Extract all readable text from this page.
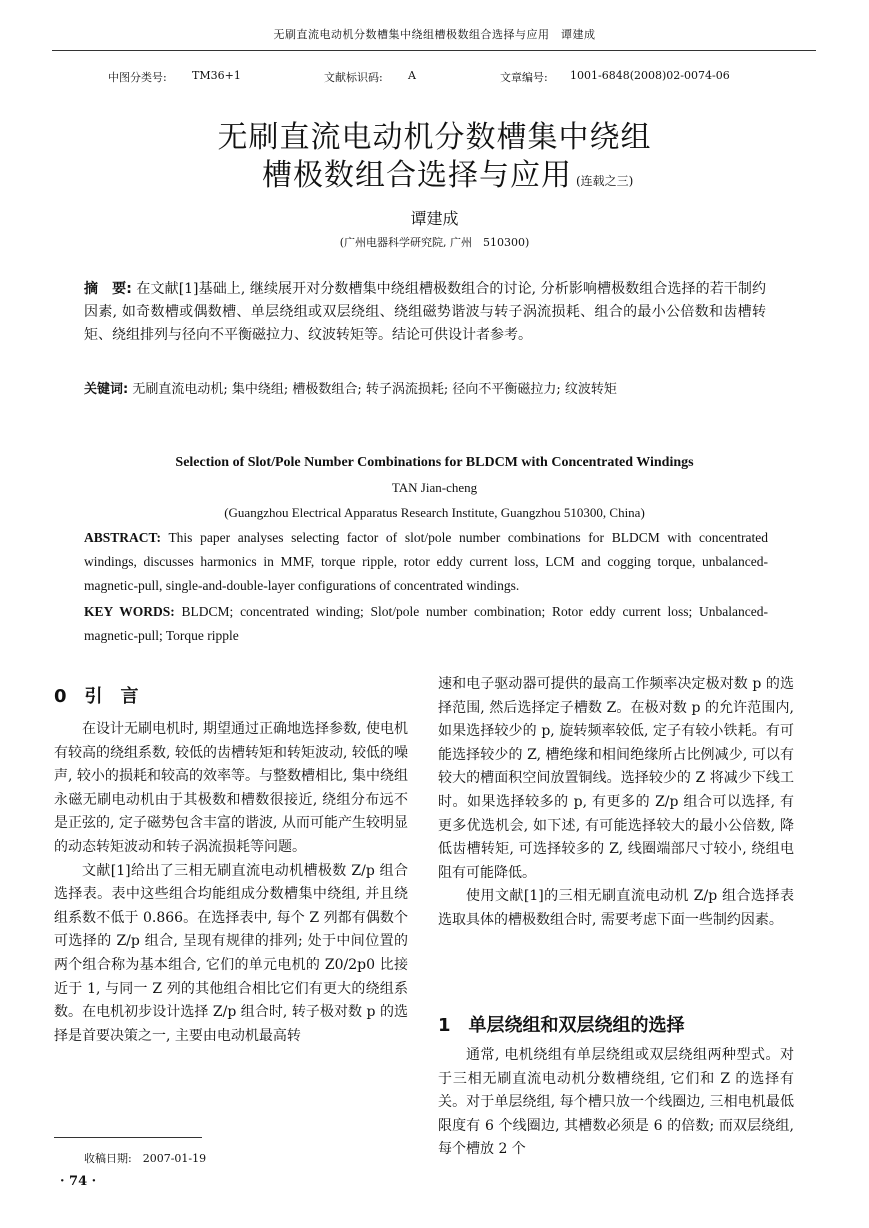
无刷直流电动机分数槽集中绕组槽极数组合选择与应用　谭建成
中图分类号: TM36+1	文献标识码: A	文章编号: 1001-6848(2008)02-0074-06
无刷直流电动机分数槽集中绕组
槽极数组合选择与应用 (连载之三)
谭建成
(广州电器科学研究院, 广州　510300)
摘　要: 在文献[1]基础上, 继续展开对分数槽集中绕组槽极数组合的讨论, 分析影响槽极数组合选择的若干制约因素, 如奇数槽或偶数槽、单层绕组或双层绕组、绕组磁势谐波与转子涡流损耗、组合的最小公倍数和齿槽转矩、绕组排列与径向不平衡磁拉力、纹波转矩等。结论可供设计者参考。
关键词: 无刷直流电动机; 集中绕组; 槽极数组合; 转子涡流损耗; 径向不平衡磁拉力; 纹波转矩
Selection of Slot/Pole Number Combinations for BLDCM with Concentrated Windings
TAN Jian-cheng
(Guangzhou Electrical Apparatus Research Institute, Guangzhou 510300, China)
ABSTRACT: This paper analyses selecting factor of slot/pole number combinations for BLDCM with concentrated windings, discusses harmonics in MMF, torque ripple, rotor eddy current loss, LCM and cogging torque, unbalanced-magnetic-pull, single-and-double-layer configurations of concentrated windings.
KEY WORDS: BLDCM; concentrated winding; Slot/pole number combination; Rotor eddy current loss; Unbalanced-magnetic-pull; Torque ripple
0　引　言

在设计无刷电机时, 期望通过正确地选择参数, 使电机有较高的绕组系数, 较低的齿槽转矩和转矩波动, 较低的噪声, 较小的损耗和较高的效率等。与整数槽相比, 集中绕组永磁无刷电动机由于其极数和槽数很接近, 绕组分布远不是正弦的, 定子磁势包含丰富的谐波, 从而可能产生较明显的动态转矩波动和转子涡流损耗等问题。

文献[1]给出了三相无刷直流电动机槽极数 Z/p 组合选择表。表中这些组合均能组成分数槽集中绕组, 并且绕组系数不低于 0.866。在选择表中, 每个 Z 列都有偶数个可选择的 Z/p 组合, 呈现有规律的排列; 处于中间位置的两个组合称为基本组合, 它们的单元电机的 Z0/2p0 比接近于 1, 与同一 Z 列的其他组合相比它们有更大的绕组系数。在电机初步设计选择 Z/p 组合时, 转子极对数 p 的选择是首要决策之一, 主要由电动机最高转

速和电子驱动器可提供的最高工作频率决定极对数 p 的选择范围, 然后选择定子槽数 Z。在极对数 p 的允许范围内, 如果选择较少的 p, 旋转频率较低, 定子有较小铁耗。有可能选择较少的 Z, 槽绝缘和相间绝缘所占比例减少, 可以有较大的槽面积空间放置铜线。选择较少的 Z 将减少下线工时。如果选择较多的 p, 有更多的 Z/p 组合可以选择, 有更多优选机会, 如下述, 有可能选择较大的最小公倍数, 降低齿槽转矩, 可选择较多的 Z, 线圈端部尺寸较小, 绕组电阻有可能降低。

使用文献[1]的三相无刷直流电动机 Z/p 组合选择表选取具体的槽极数组合时, 需要考虑下面一些制约因素。

1　单层绕组和双层绕组的选择

通常, 电机绕组有单层绕组或双层绕组两种型式。对于三相无刷直流电动机分数槽绕组, 它们和 Z 的选择有关。对于单层绕组, 每个槽只放一个线圈边, 三相电机最低限度有 6 个线圈边, 其槽数必须是 6 的倍数; 而双层绕组, 每个槽放 2 个

收稿日期:　 2007-01-19
· 74 ·
